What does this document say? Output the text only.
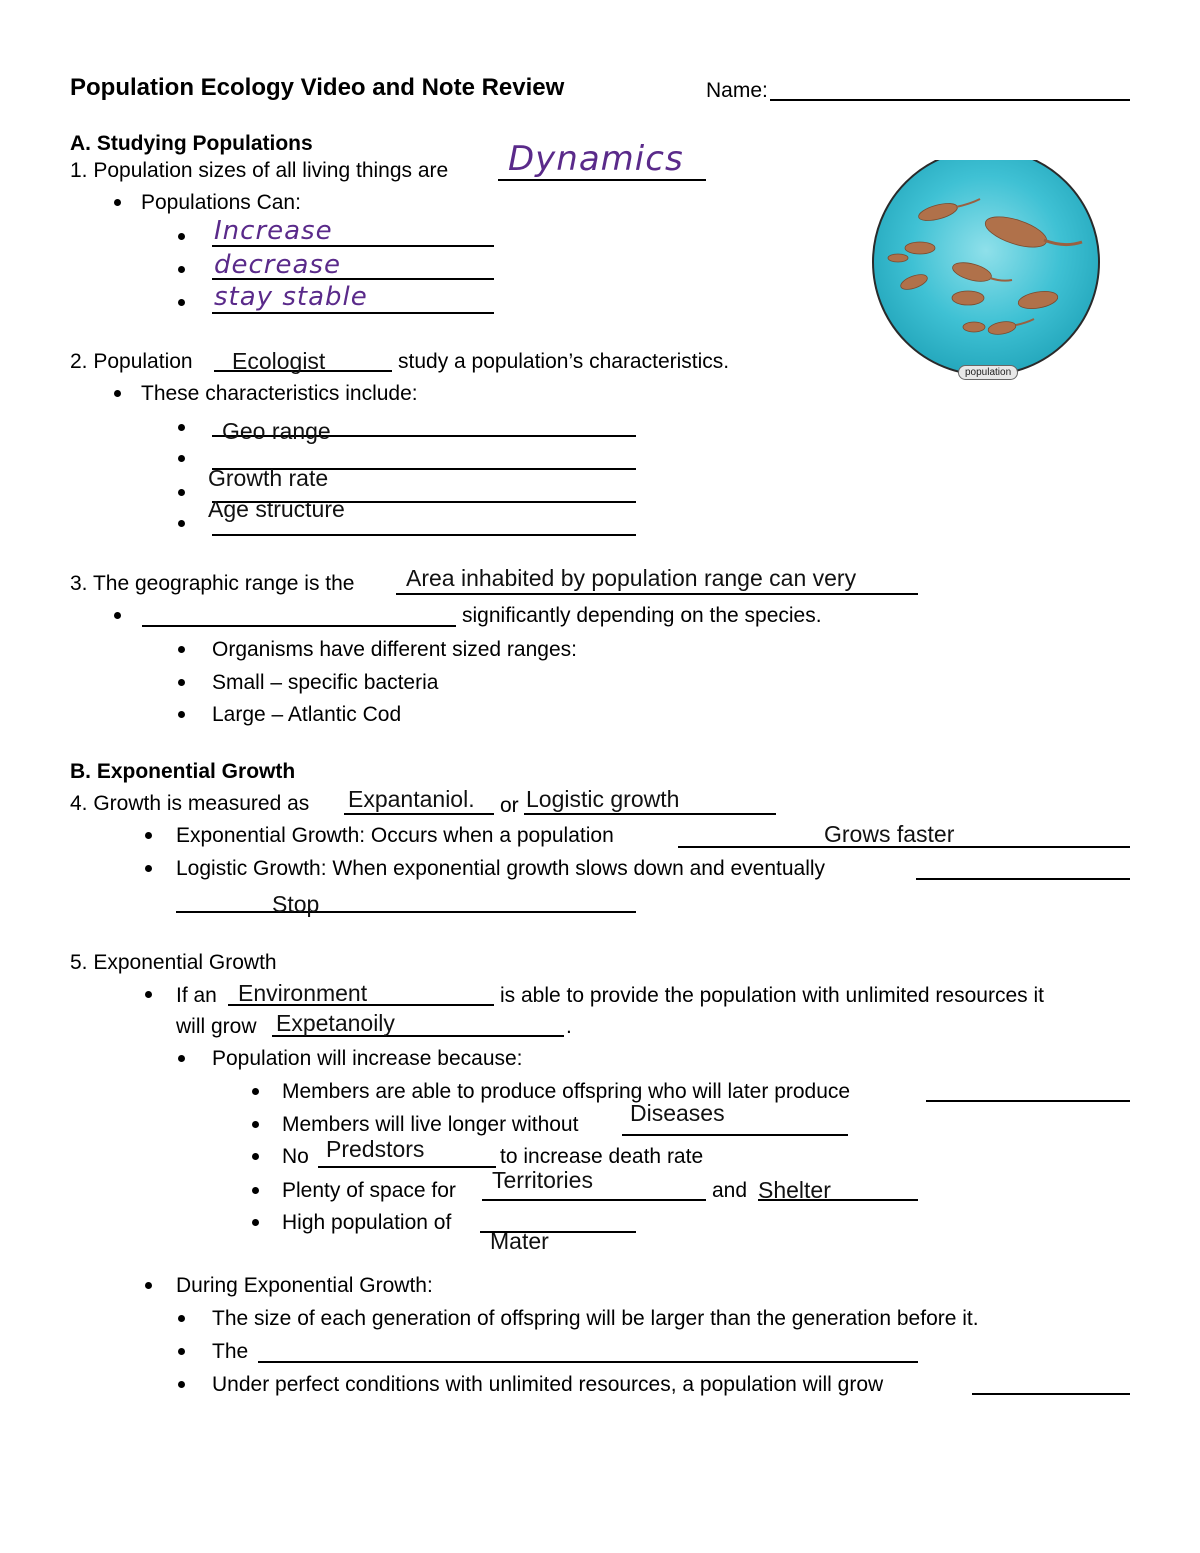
Population Ecology Video and Note Review	Name:
A. Studying Populations
1. Population sizes of all living things are Dynamics
Populations Can:
Increase
decrease
stay stable
population
2. Population Ecologist	study a population’s characteristics.
These characteristics include:
Geo range
Growth rate
Age structure
3. The geographic range is the Area inhabited by population range can very
significantly depending on the species.
Organisms have different sized ranges:
Small – specific bacteria
Large – Atlantic Cod
B. Exponential Growth
4. Growth is measured as Expantaniol. or Logistic growth
Exponential Growth: Occurs when a population	Grows faster
Logistic Growth: When exponential growth slows down and eventually
Stop
5. Exponential Growth
If an Environment	is able to provide the population with unlimited resources it
will grow Expetanoily	.
Population will increase because:
Members are able to produce offspring who will later produce
Members will live longer without Diseases
No Predstors	to increase death rate
Plenty of space for Territories	and Shelter
High population of
Mater
During Exponential Growth:
The size of each generation of offspring will be larger than the generation before it.
The
Under perfect conditions with unlimited resources, a population will grow
